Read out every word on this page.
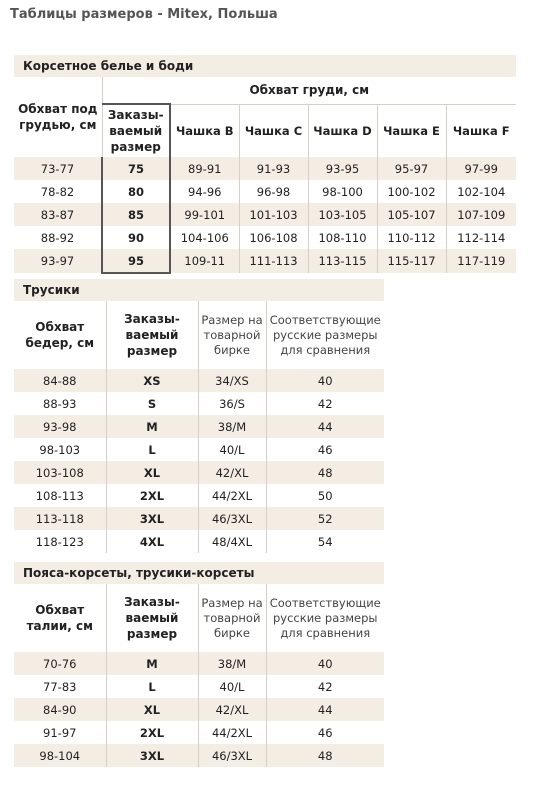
Таблицы размеров - Mitex, Польша
Корсетное белье и боди
Обхват под грудью, см	Обхват груди, см					
	Заказы-ваемый размер	Чашка B	Чашка C	Чашка D	Чашка E	Чашка F
73-77	75	89-91	91-93	93-95	95-97	97-99
78-82	80	94-96	96-98	98-100	100-102	102-104
83-87	85	99-101	101-103	103-105	105-107	107-109
88-92	90	104-106	106-108	108-110	110-112	112-114
93-97	95	109-11	111-113	113-115	115-117	117-119
Трусики
Обхват бедер, см	Заказы-ваемый размер	Размер на товарной бирке	Соответствующие русские размеры для сравнения
84-88	XS	34/XS	40
88-93	S	36/S	42
93-98	M	38/M	44
98-103	L	40/L	46
103-108	XL	42/XL	48
108-113	2XL	44/2XL	50
113-118	3XL	46/3XL	52
118-123	4XL	48/4XL	54
Пояса-корсеты, трусики-корсеты
Обхват талии, см	Заказы-ваемый размер	Размер на товарной бирке	Соответствующие русские размеры для сравнения
70-76	M	38/M	40
77-83	L	40/L	42
84-90	XL	42/XL	44
91-97	2XL	44/2XL	46
98-104	3XL	46/3XL	48
